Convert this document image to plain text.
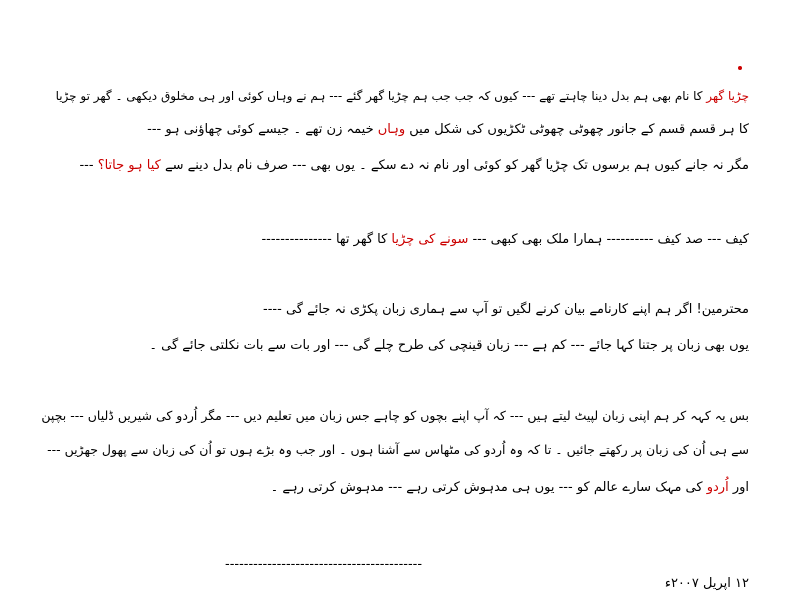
چڑیا گھر کا نام بھی ہم بدل دینا چاہتے تھے --- کیوں کہ جب جب ہم چڑیا گھر گئے --- ہم نے وہاں کوئی اور ہی مخلوق دیکھی ۔ گھر تو چڑیا
کا ہر قسم قسم کے جانور چھوٹی چھوٹی ٹکڑیوں کی شکل میں وہاں خیمہ زن تھے ۔ جیسے کوئی چھاؤنی ہو ---
مگر نہ جانے کیوں ہم برسوں تک چڑیا گھر کو کوئی اور نام نہ دے سکے ۔ یوں بھی --- صرف نام بدل دینے سے کیا ہو جاتا؟ ---
کیف --- صد کیف ---------- ہمارا ملک بھی کبھی --- سونے کی چڑیا کا گھر تھا ---------------
محترمین! اگر ہم اپنے کارنامے بیان کرنے لگیں تو آپ سے ہماری زبان پکڑی نہ جائے گی ----
یوں بھی زبان پر جتنا کہا جائے --- کم ہے --- زبان قینچی کی طرح چلے گی --- اور بات سے بات نکلتی جائے گی ۔
بس یہ کہہ کر ہم اپنی زبان لپیٹ لیتے ہیں --- کہ آپ اپنے بچوں کو چاہے جس زبان میں تعلیم دیں --- مگر اُردو کی شیریں ڈلیاں --- بچپن
سے ہی اُن کی زبان پر رکھتے جائیں ۔ تا کہ وہ اُردو کی مٹھاس سے آشنا ہوں ۔ اور جب وہ بڑے ہوں تو اُن کی زبان سے پھول جھڑیں ---
اور اُردو کی مہک سارے عالم کو --- یوں ہی مدہوش کرتی رہے --- مدہوش کرتی رہے ۔
------------------------------------------
۱۲ اپریل ۲۰۰۷ء
